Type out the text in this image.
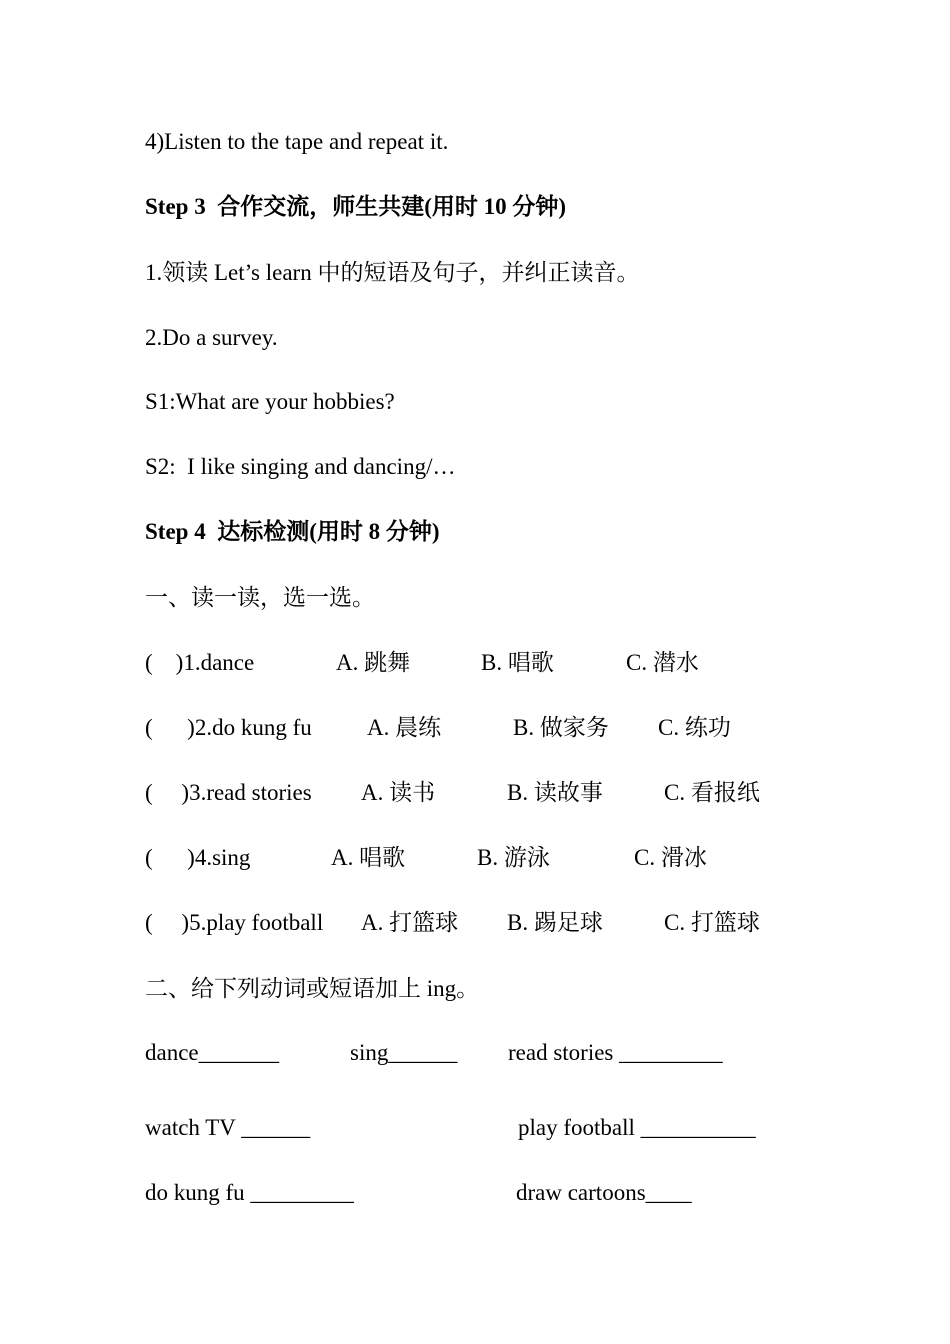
4)Listen to the tape and repeat it.
Step 3  合作交流，师生共建(用时 10 分钟)
1.领读 Let’s learn 中的短语及句子，并纠正读音。
2.Do a survey.
S1:What are your hobbies?
S2:  I like singing and dancing/…
Step 4  达标检测(用时 8 分钟)
一、读一读，选一选。
(    )1.dance	A. 跳舞	B. 唱歌	C. 潜水
(      )2.do kung fu A. 晨练	B. 做家务 C. 练功
(     )3.read stories A. 读书	B. 读故事	C. 看报纸
(      )4.sing	A. 唱歌	B. 游泳	C. 滑冰
(     )5.play football A. 打篮球 B. 踢足球	C. 打篮球
二、给下列动词或短语加上 ing。
dance_______	sing______ read stories _________
watch TV ______	play football __________
do kung fu _________	draw cartoons____
